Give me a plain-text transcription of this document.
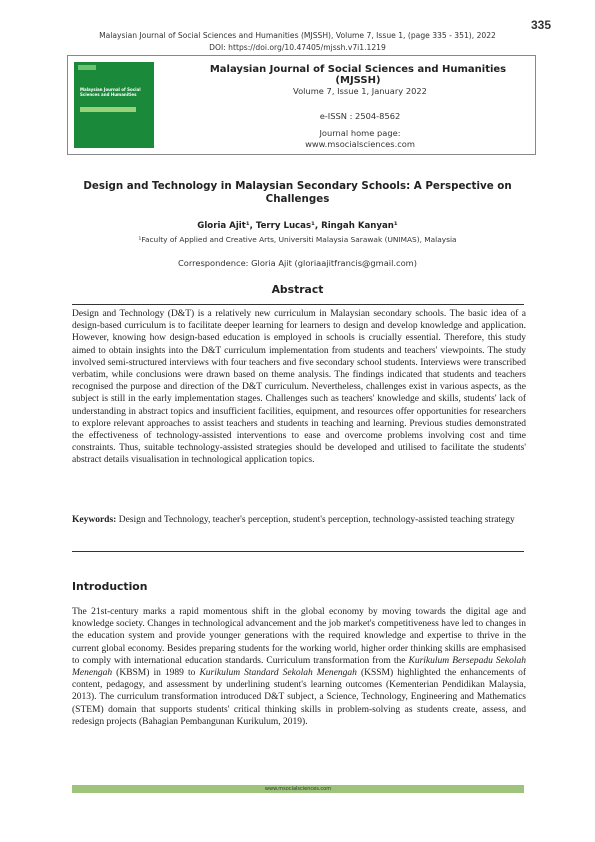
335
Malaysian Journal of Social Sciences and Humanities (MJSSH), Volume 7, Issue 1, (page 335 - 351), 2022
DOI: https://doi.org/10.47405/mjssh.v7i1.1219
Malaysian Journal of Social Sciences and Humanities
Malaysian Journal of Social Sciences and Humanities (MJSSH)
Volume 7, Issue 1, January 2022
e-ISSN : 2504-8562
Journal home page:
www.msocialsciences.com
Design and Technology in Malaysian Secondary Schools: A Perspective on Challenges
Gloria Ajit¹, Terry Lucas¹, Ringah Kanyan¹
¹Faculty of Applied and Creative Arts, Universiti Malaysia Sarawak (UNIMAS), Malaysia
Correspondence: Gloria Ajit (gloriaajitfrancis@gmail.com)
Abstract
Design and Technology (D&T) is a relatively new curriculum in Malaysian secondary schools. The basic idea of a design-based curriculum is to facilitate deeper learning for learners to design and develop knowledge and application. However, knowing how design-based education is employed in schools is crucially essential. Therefore, this study aimed to obtain insights into the D&T curriculum implementation from students and teachers' viewpoints. The study involved semi-structured interviews with four teachers and five secondary school students. Interviews were transcribed verbatim, while conclusions were drawn based on theme analysis. The findings indicated that students and teachers recognised the purpose and direction of the D&T curriculum. Nevertheless, challenges exist in various aspects, as the subject is still in the early implementation stages. Challenges such as teachers' knowledge and skills, students' lack of understanding in abstract topics and insufficient facilities, equipment, and resources offer opportunities for researchers to explore relevant approaches to assist teachers and students in teaching and learning. Previous studies demonstrated the effectiveness of technology-assisted interventions to ease and overcome problems involving cost and time constraints. Thus, suitable technology-assisted strategies should be developed and utilised to facilitate the students' abstract details visualisation in technological application topics.
Keywords: Design and Technology, teacher's perception, student's perception, technology-assisted teaching strategy
Introduction
The 21st-century marks a rapid momentous shift in the global economy by moving towards the digital age and knowledge society. Changes in technological advancement and the job market's competitiveness have led to changes in the education system and provide younger generations with the required knowledge and expertise to thrive in the current global economy. Besides preparing students for the working world, higher order thinking skills are emphasised to comply with international education standards. Curriculum transformation from the Kurikulum Bersepadu Sekolah Menengah (KBSM) in 1989 to Kurikulum Standard Sekolah Menengah (KSSM) highlighted the enhancements of content, pedagogy, and assessment by underlining student's learning outcomes (Kementerian Pendidikan Malaysia, 2013). The curriculum transformation introduced D&T subject, a Science, Technology, Engineering and Mathematics (STEM) domain that supports students' critical thinking skills in problem-solving as students create, assess, and redesign projects (Bahagian Pembangunan Kurikulum, 2019).
www.msocialsciences.com
